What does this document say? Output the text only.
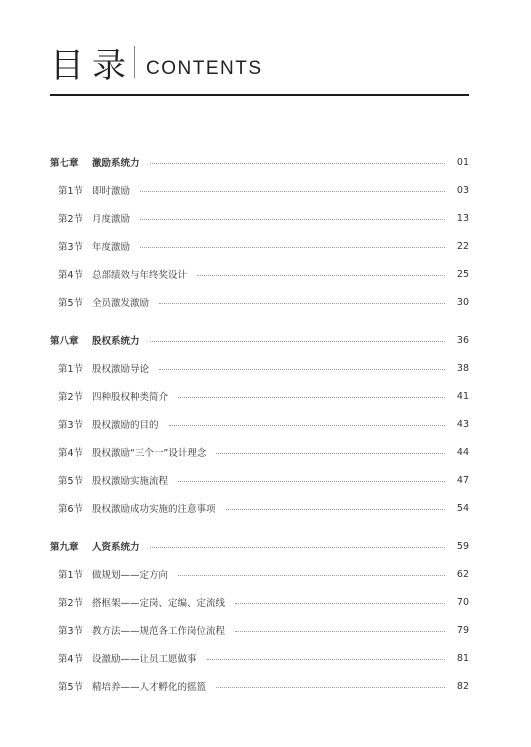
目录 CONTENTS
第七章	激励系统力	01
第1节 即时激励	03
第2节 月度激励	13
第3节 年度激励	22
第4节 总部绩效与年终奖设计	25
第5节 全员激发激励	30
第八章	股权系统力	36
第1节 股权激励导论	38
第2节 四种股权种类简介	41
第3节 股权激励的目的	43
第4节 股权激励“三个一”设计理念	44
第5节 股权激励实施流程	47
第6节 股权激励成功实施的注意事项	54
第九章	人资系统力	59
第1节 做规划——定方向	62
第2节 搭框架——定岗、定编、定流线	70
第3节 教方法——规范各工作岗位流程	79
第4节 设激励——让员工愿做事	81
第5节 精培养——人才孵化的摇篮	82
